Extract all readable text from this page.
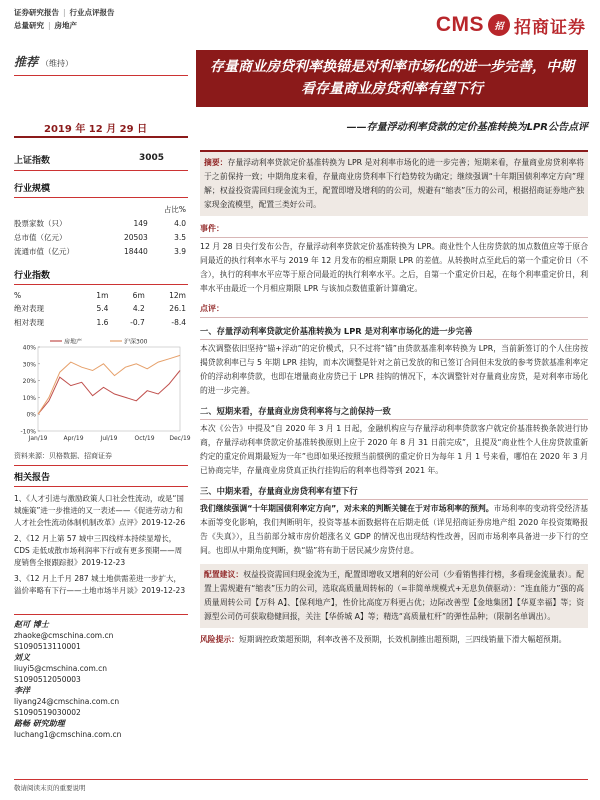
证券研究报告 | 行业点评报告
总量研究 | 房地产	CMS	招 招商证券
推荐 （维持）	存量商业房贷利率换锚是对利率市场化的进一步完善，中期看存量商业房贷利率有望下行
2019 年 12 月 29 日	——存量浮动利率贷款的定价基准转换为LPR公告点评
上证指数	3005
行业规模
		占比%
股票家数（只）	149	4.0
总市值（亿元）	20503	3.5
流通市值（亿元）	18440	3.9
行业指数
%	1m	6m	12m
绝对表现	5.4	4.2	26.1
相对表现	1.6	-0.7	-8.4
40%
30%
20%
10%
0%
-10%
Jan/19	Apr/19	Jul/19	Oct/19 Dec/19
房地产	沪深300
资料来源：贝格数据、招商证券
相关报告
1、《人才引进与激励政策人口社会性流动，或是“国城施策”进一步推进的又一表述——《促进劳动力和人才社会性流动体制机制改革》点评》2019-12-26
2、《12 月上第 57 城中三四线样本持续显增长，CDS 走低成散市场利润率下行或有更多预期——周度销售全报跟踪报》2019-12-23
3、《12 月上千月 287 城土地供需差进一步扩大，溢价率略有下行——土地市场半月谈》2019-12-23
赵可 博士
zhaoke@cmschina.com.cn
S1090513110001
刘义
liuyi5@cmschina.com.cn
S1090512050003
李洋
liyang24@cmschina.com.cn
S1090519030002
路畅 研究助理
luchang1@cmschina.com.cn
摘要：存量浮动利率贷款定价基准转换为 LPR 是对利率市场化的进一步完善；短期来看，存量商业房贷利率将于之前保持一致；中期角度来看，存量商业房贷利率下行趋势较为确定；继续强调“十年期国债利率定方向”理解；权益投资需回归现金流为王，配置即增及增利的的公司，规避有“缩表”压力的公司，根据招商证券地产独家现金流模型，配置三类好公司。
事件：
12 月 28 日央行发布公告，存量浮动利率贷款定价基准转换为 LPR。商业性个人住房贷款的加点数值应等于原合同最近的执行利率水平与 2019 年 12 月发布的相应期限 LPR 的差值。从转换时点至此后的第一个重定价日（不含），执行的利率水平应等于原合同最近的执行利率水平。之后，自第一个重定价日起，在每个利率重定价日，利率水平由最近一个月相应期限 LPR 与该加点数值重新计算确定。
点评：
一、存量浮动利率贷款定价基准转换为 LPR 是对利率市场化的进一步完善
本次调整依旧坚持“锚+浮动”的定价模式，只不过将“锚”由贷款基准利率转换为 LPR，当前新签订的个人住房按揭贷款利率已与 5 年期 LPR 挂钩，而本次调整是针对之前已发放的和已签订合同但未发放的参考贷款基准利率定价的浮动利率贷款，也即在增量商业房贷已于 LPR 挂钩的情况下，本次调整针对存量商业房贷，是对利率市场化的进一步完善。
二、短期来看，存量商业房贷利率将与之前保持一致
本次《公告》中提及“自 2020 年 3 月 1 日起，金融机构应与存量浮动利率贷款客户就定价基准转换条款进行协商，存量浮动利率贷款定价基准转换原则上应于 2020 年 8 月 31 日前完成”，且提及“商业性个人住房贷款重新约定的重定价周期最短为一年”也即如果还按照当前惯例的重定价日为每年 1 月 1 号来看，哪怕在 2020 年 3 月已协商完毕，存量商业房贷真正执行挂钩后的利率也得等到 2021 年。
三、中期来看，存量商业房贷利率有望下行
我们继续强调“十年期国债利率定方向”，对未来的判断关键在于对市场利率的预判。市场利率的变动将受经济基本面等变化影响，我们判断明年，投资等基本面数据将在后期走低（详见招商证券房地产组 2020 年投资策略报告《失真》），且当前部分城市房价超涨名义 GDP 的情况也出现结构性改善，因而市场利率具备进一步下行的空间。也即从中期角度判断，换“锚”将有助于居民减少房贷付息。
配置建议：权益投资需回归现金流为王，配置即增收又增利的好公司（少看销售排行榜，多看现金流量表）。配置上需规避有“缩表”压力的公司，选取高质量周转标的（=非简单规模式+无息负债驱动）：“连血能力”强的高质量周转公司【万科 A】、【保利地产】，性价比高度万科更占优；边际改善型【金地集团】【华夏幸福】等；资源型公司仍可获取稳健回报，关注【华侨城 A】等；精选“高质量杠杆”的弹性品种；（限制名单调出）。
风险提示：短期调控政策超预期，利率改善不及预期，长效机制推出超预期，三四线销量下滑大幅超预期。
敬请阅读末页的重要说明
